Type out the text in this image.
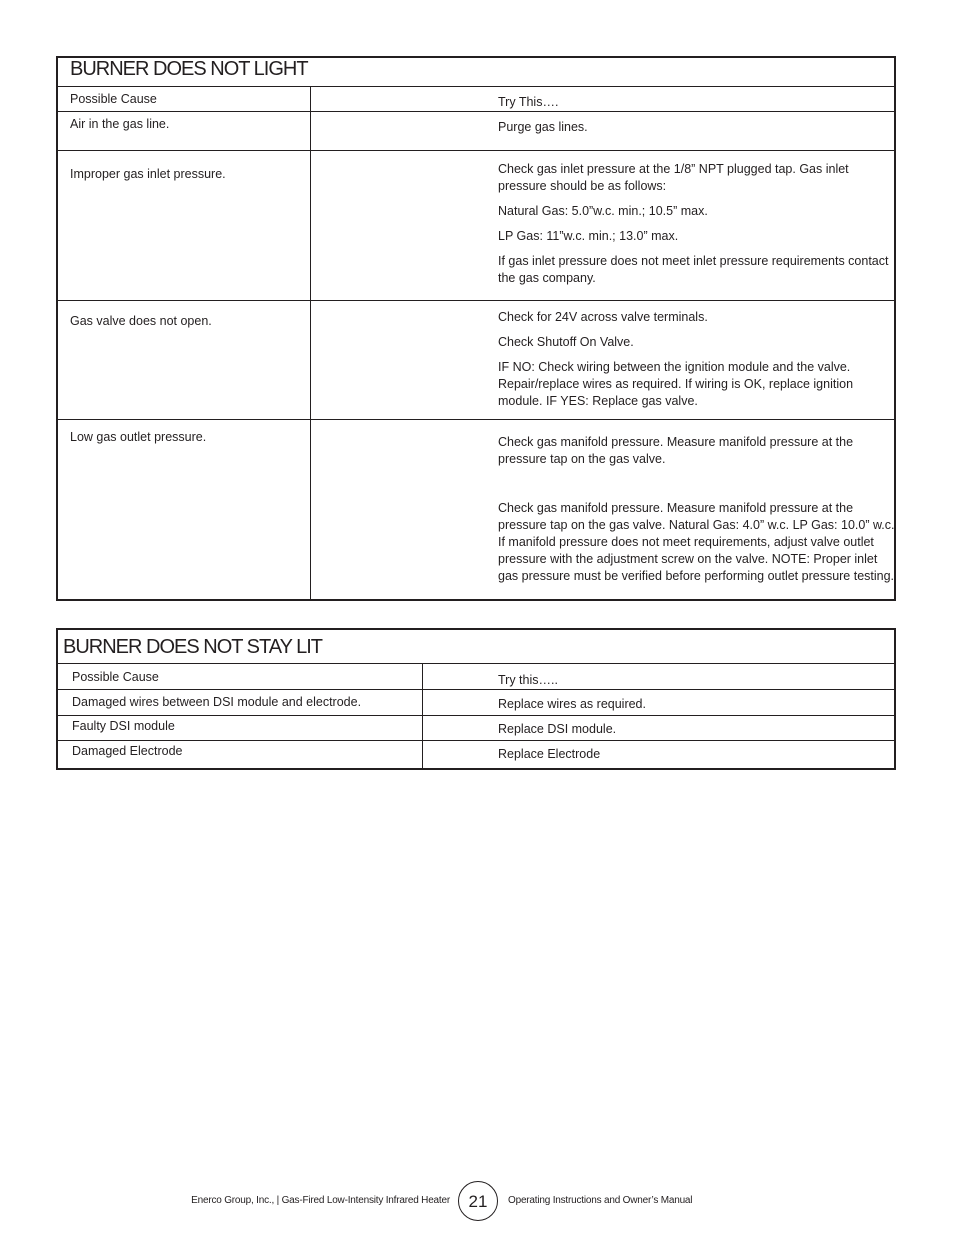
BURNER DOES NOT LIGHT
Possible Cause	Try This….
Air in the gas line.	Purge gas lines.

Improper gas inlet pressure.	Check gas inlet pressure at the 1/8” NPT plugged tap. Gas inlet pressure should be as follows:

Natural Gas: 5.0”w.c. min.; 10.5” max.

LP Gas: 11”w.c. min.; 13.0” max.

If gas inlet pressure does not meet inlet pressure requirements contact the gas company.

Gas valve does not open.	Check for 24V across valve terminals.

Check Shutoff On Valve.

IF NO: Check wiring between the ignition module and the valve. Repair/replace wires as required. If wiring is OK, replace ignition module. IF YES: Replace gas valve.

Low gas outlet pressure.	Check gas manifold pressure. Measure manifold pressure at the pressure tap on the gas valve.

Check gas manifold pressure. Measure manifold pressure at the pressure tap on the gas valve. Natural Gas: 4.0” w.c. LP Gas: 10.0” w.c. If manifold pressure does not meet requirements, adjust valve outlet pressure with the adjustment screw on the valve. NOTE: Proper inlet gas pressure must be verified before performing outlet pressure testing.

BURNER DOES NOT STAY LIT
Possible Cause	Try this…..
Damaged wires between DSI module and electrode.	Replace wires as required.
Faulty DSI module	Replace DSI module.
Damaged Electrode	Replace Electrode
Enerco Group, Inc., | Gas-Fired Low-Intensity Infrared Heater	21	Operating Instructions and Owner’s Manual
